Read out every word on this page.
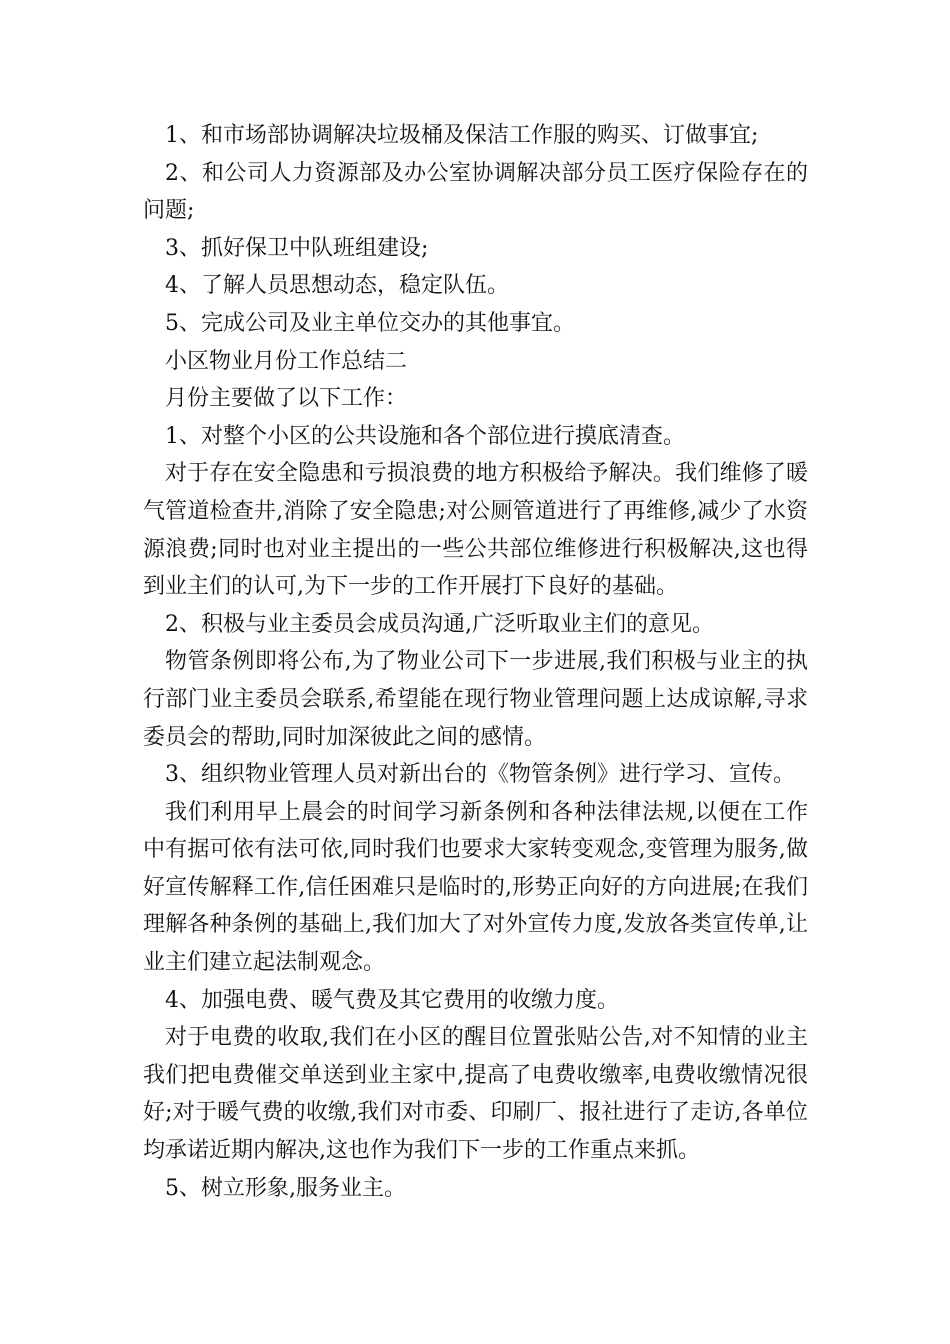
1、和市场部协调解决垃圾桶及保洁工作服的购买、订做事宜;

2、和公司人力资源部及办公室协调解决部分员工医疗保险存在的问题;

3、抓好保卫中队班组建设;

4、了解人员思想动态，稳定队伍。

5、完成公司及业主单位交办的其他事宜。

小区物业月份工作总结二

月份主要做了以下工作：

1、对整个小区的公共设施和各个部位进行摸底清查。

对于存在安全隐患和亏损浪费的地方积极给予解决。我们维修了暖气管道检查井,消除了安全隐患;对公厕管道进行了再维修,减少了水资源浪费;同时也对业主提出的一些公共部位维修进行积极解决,这也得到业主们的认可,为下一步的工作开展打下良好的基础。

2、积极与业主委员会成员沟通,广泛听取业主们的意见。

物管条例即将公布,为了物业公司下一步进展,我们积极与业主的执行部门业主委员会联系,希望能在现行物业管理问题上达成谅解,寻求委员会的帮助,同时加深彼此之间的感情。

3、组织物业管理人员对新出台的《物管条例》进行学习、宣传。

我们利用早上晨会的时间学习新条例和各种法律法规,以便在工作中有据可依有法可依,同时我们也要求大家转变观念,变管理为服务,做好宣传解释工作,信任困难只是临时的,形势正向好的方向进展;在我们理解各种条例的基础上,我们加大了对外宣传力度,发放各类宣传单,让业主们建立起法制观念。

4、加强电费、暖气费及其它费用的收缴力度。

对于电费的收取,我们在小区的醒目位置张贴公告,对不知情的业主我们把电费催交单送到业主家中,提高了电费收缴率,电费收缴情况很好;对于暖气费的收缴,我们对市委、印刷厂、报社进行了走访,各单位均承诺近期内解决,这也作为我们下一步的工作重点来抓。

5、树立形象,服务业主。
